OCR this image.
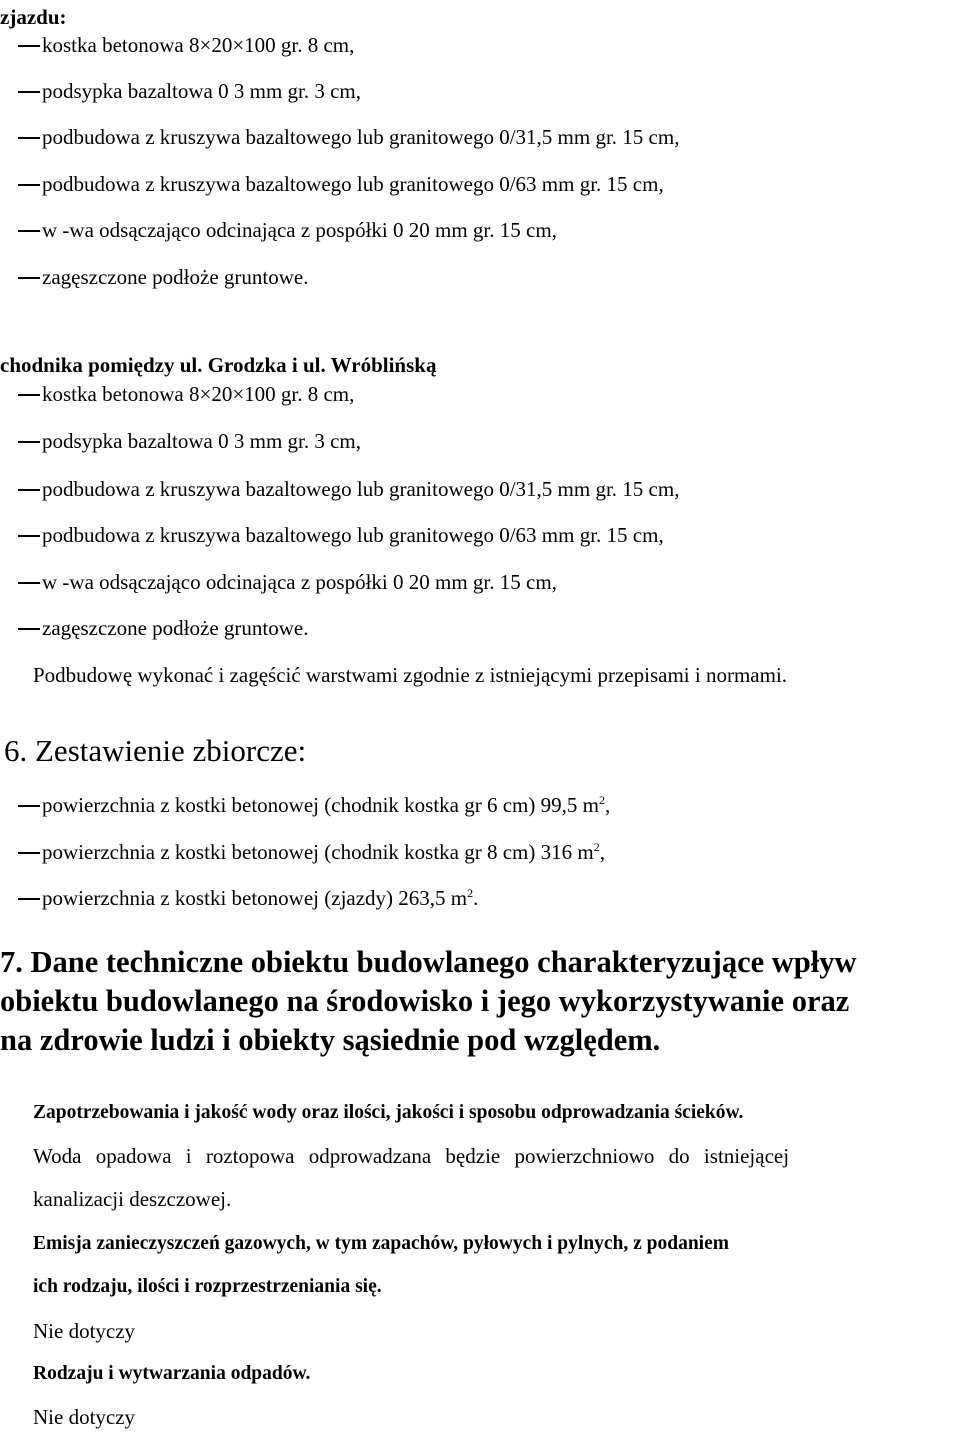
zjazdu:
kostka betonowa 8×20×100 gr. 8 cm,
podsypka bazaltowa 0 3 mm gr. 3 cm,
podbudowa z kruszywa bazaltowego lub granitowego 0/31,5 mm gr. 15 cm,
podbudowa z kruszywa bazaltowego lub granitowego 0/63 mm gr. 15 cm,
w -wa odsączająco odcinająca z pospółki 0 20 mm gr. 15 cm,
zagęszczone podłoże gruntowe.
chodnika pomiędzy ul. Grodzka i ul. Wróblińską
kostka betonowa 8×20×100 gr. 8 cm,
podsypka bazaltowa 0 3 mm gr. 3 cm,
podbudowa z kruszywa bazaltowego lub granitowego 0/31,5 mm gr. 15 cm,
podbudowa z kruszywa bazaltowego lub granitowego 0/63 mm gr. 15 cm,
w -wa odsączająco odcinająca z pospółki 0 20 mm gr. 15 cm,
zagęszczone podłoże gruntowe.
Podbudowę wykonać i zagęścić warstwami zgodnie z istniejącymi przepisami i normami.
6. Zestawienie zbiorcze:
powierzchnia z kostki betonowej (chodnik kostka gr 6 cm) 99,5 $m^2$,
powierzchnia z kostki betonowej (chodnik kostka gr 8 cm) 316 $m^2$,
powierzchnia z kostki betonowej (zjazdy) 263,5 $m^2$.
7. Dane techniczne obiektu budowlanego charakteryzujące wpływ
obiektu budowlanego na środowisko i jego wykorzystywanie oraz
na zdrowie ludzi i obiekty sąsiednie pod względem.
Zapotrzebowania i jakość wody oraz ilości, jakości i sposobu odprowadzania ścieków.
Woda opadowa i roztopowa odprowadzana będzie powierzchniowo do istniejącej
kanalizacji deszczowej.
Emisja zanieczyszczeń gazowych, w tym zapachów, pyłowych i pylnych, z podaniem
ich rodzaju, ilości i rozprzestrzeniania się.
Nie dotyczy
Rodzaju i wytwarzania odpadów.
Nie dotyczy
